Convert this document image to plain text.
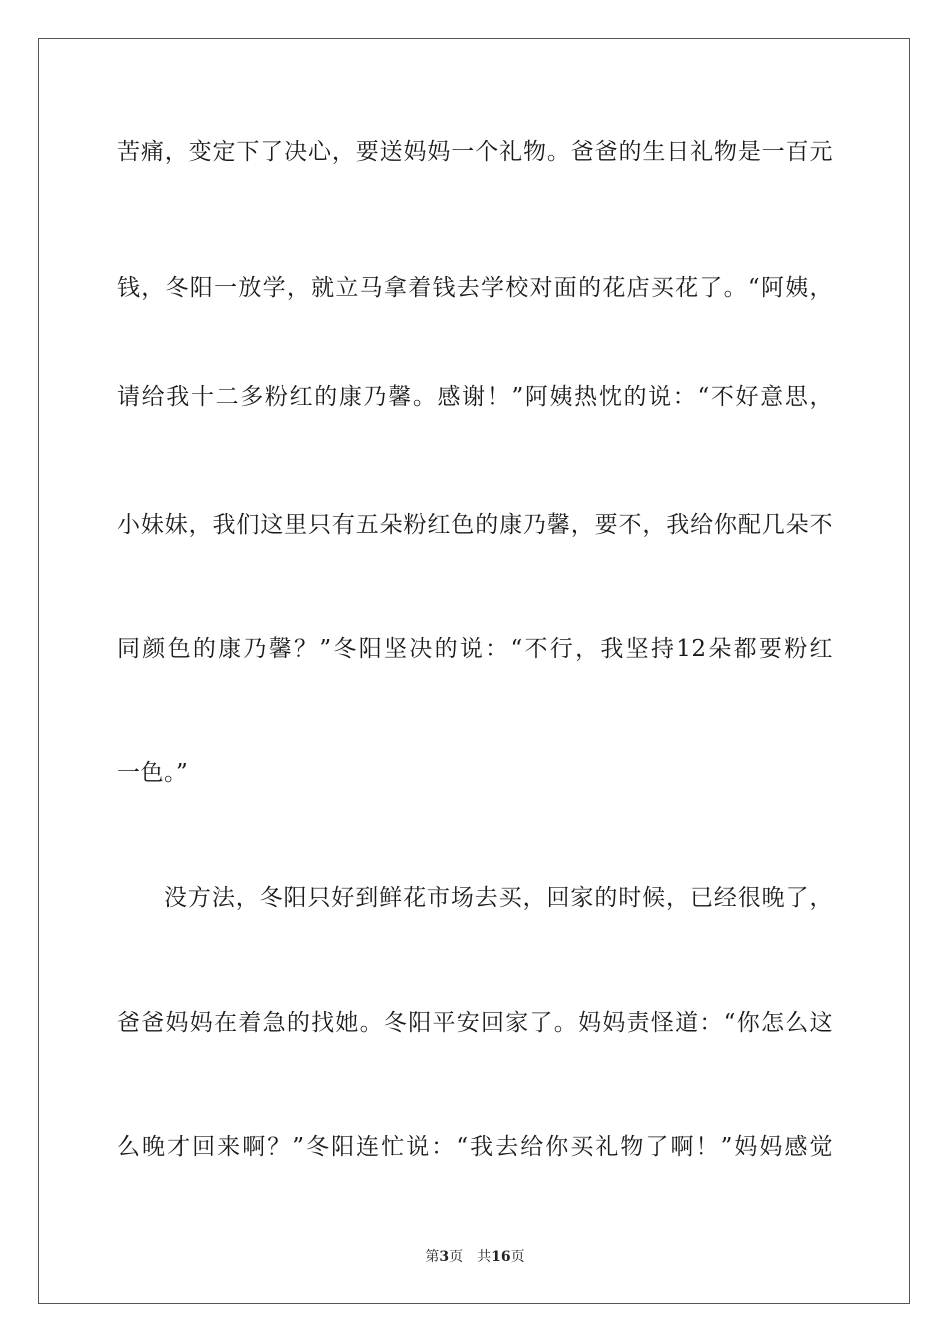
苦痛，变定下了决心，要送妈妈一个礼物。爸爸的生日礼物是一百元
钱，冬阳一放学，就立马拿着钱去学校对面的花店买花了。“阿姨，
请给我十二多粉红的康乃馨。感谢！”阿姨热忱的说：“不好意思，
小妹妹，我们这里只有五朵粉红色的康乃馨，要不，我给你配几朵不
同颜色的康乃馨？”冬阳坚决的说：“不行，我坚持12朵都要粉红
一色。”
没方法，冬阳只好到鲜花市场去买，回家的时候，已经很晚了，
爸爸妈妈在着急的找她。冬阳平安回家了。妈妈责怪道：“你怎么这
么晚才回来啊？”冬阳连忙说：“我去给你买礼物了啊！”妈妈感觉
第3页 共16页
